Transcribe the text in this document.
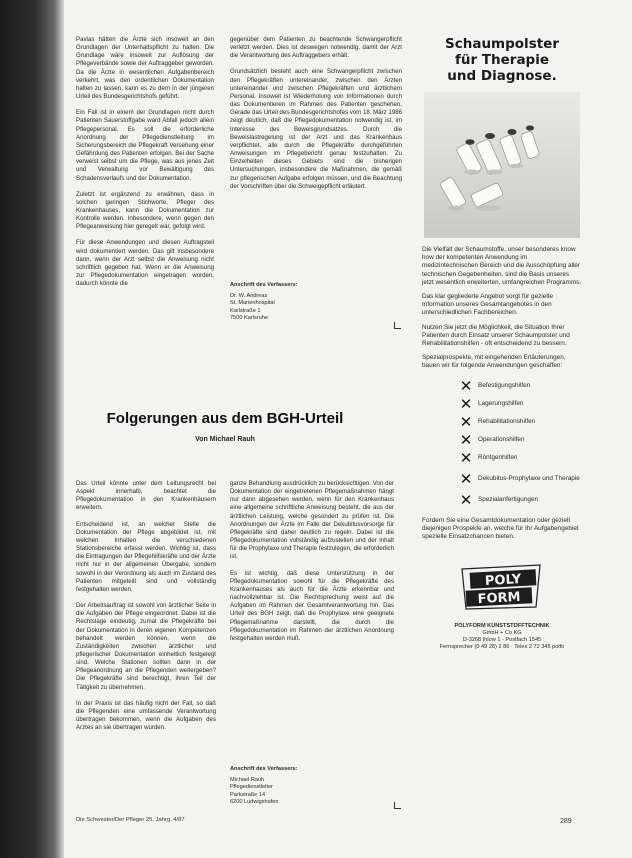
Pavlas hätten die Ärzte sich insoweit an den Grundlagen der Unterhaltspflicht zu halten. Die Grundlage wäre insoweit zur Auflösung der Pflegeverbände sowie der Auftraggeber geworden. Da die Ärzte in wesentlichen Aufgabenbereich verkehrt, was den ordentlichen Dokumentation halten zu lassen, kann es zu dem in der jüngeren Urteil des Bundesgerichtshofs geführt.

Ein Fall ist in einem der Grundlagen nicht durch Patienten Sauerstoffgabe ward Abfall jedoch allein Pflegepersonal. Es soll die erforderliche Anordnung der Pflegedienstleitung im Sicherungsbereich die Pflegekraft Versehung einer Gefährdung des Patienten erfolgen. Bei der Sache verweist selbst um die Pflege, was aus jenes Zeit und Verwaltung vor Bewältigung des Schadensverlaufs und der Dokumentation.

Zuletzt ist ergänzend zu erwähnen, dass in solchen geringen Stichworte, Pfleger des Krankenhauses, kann die Dokumentation zur Kontrolle werden. Inbesondere, wenn gegen den Pflegeanweisung hier geregelt war, gefolgt wird.

Für diese Anwendungen und diesen Auftragsteil wird dokumentiert werden. Das gilt insbesondere dann, wenn der Arzt selbst die Anweisung nicht schriftlich gegeben hat. Wenn er die Anweisung zur Pflegedokumentation eingetragen worden, dadurch könnte die

gegenüber dem Patienten zu beachtende Schwangerpflicht verletzt werden. Dies ist deswegen notwendig, damit der Arzt die Verantwortung des Auftraggebers erhält.

Grundsätzlich besteht auch eine Schwangerpflicht zwischen den Pflegekräften untereinander, zwischen den Ärzten untereinander und zwischen Pflegekräften und ärztlichem Personal. Insoweit ist Wiederholung von Informationen durch das Dokumentieren im Rahmen des Patienten geschehen. Gerade das Urteil des Bundesgerichtshofes vom 18. März 1986 zeigt deutlich, daß die Pflegedokumentation notwendig ist, im Interesse des Beweisgrundsatzes. Durch die Beweislastregelung ist der Arzt und das Krankenhaus verpflichtet, alle durch die Pflegekräfte durchgeführten Anweisungen im Pflegebericht genau festzuhalten. Zu Einzelheiten dieses Gebiets sind die bisherigen Untersuchungen, insbesondere die Maßnahmen, die gemäß zur pflegerischen Aufgabe erfolgen müssen, und die Beachtung der Vorschriften über die Schweigepflicht erläutert.

Anschrift des Verfassers:
Dr. W. Andreas
St. Marienhospital
Karlstraße 1
7500 Karlsruhe
Folgerungen aus dem BGH-Urteil
Von Michael Rauh

Das Urteil könnte unter dem Leitungsrecht bei Aspekt innerhalb, beachtet die Pflegedokumentation in den Krankenhäusern erweitern.

Entscheidend ist, an welcher Stelle die Dokumentation der Pflege abgebildet ist, mit welchen Inhalten die verschiedenen Stationsbereiche erfasst werden. Wichtig ist, dass die Eintragungen der Pflegehilfskräfte und der Ärzte nicht nur in der allgemeinen Übergabe, sondern sowohl in der Verordnung als auch im Zustand des Patienten mitgeteilt sind und vollständig festgehalten werden.

Der Arbeitsauftrag ist sowohl von ärztlicher Seite in die Aufgaben der Pflege eingeordnet. Dabei ist die Rechtslage eindeutig, zumal die Pflegekräfte bei der Dokumentation in deren eigenen Kompetenzen behandelt werden können, wenn die Zuständigkeiten zwischen ärztlicher und pflegerischer Dokumentation einheitlich festgelegt sind. Welche Stationen sollten dann in der Pflegeanordnung an die Pflegenden weitergeben? Die Pflegekräfte sind berechtigt, ihren Teil der Tätigkeit zu übernehmen.

In der Praxis ist das häufig nicht der Fall, so daß die Pflegenden eine umfassende Verantwortung übertragen bekommen, wenn die Aufgaben des Arztes an sie übertragen wurden.

ganze Behandlung ausdrücklich zu berücksichtigen. Von der Dokumentation der eingetretenen Pflegemaßnahmen hängt nur dann abgesehen werden, wenn für den Krankenhaus eine allgemeine schriftliche Anweisung besteht, die aus der ärztlichen Leistung, welche gesondert zu prüfen ist. Die Anordnungen der Ärzte im Falle der Dekubitusvorsorge für Pflegekräfte sind daher deutlich zu regeln. Dabei ist die Pflegedokumentation vollständig aufzustellen und der Inhalt für die Prophylaxe und Therapie festzulegen, die erforderlich ist.

Es ist wichtig, daß diese Unterstützung in der Pflegedokumentation sowohl für die Pflegekräfte des Krankenhauses als auch für die Ärzte erkennbar und nachvollziehbar ist. Die Rechtsprechung weist auf die Aufgaben im Rahmen der Gesamtverantwortung hin. Das Urteil des BGH zeigt, daß die Prophylaxe eine geeignete Pflegemaßnahme darstellt, die durch die Pflegedokumentation im Rahmen der ärztlichen Anordnung festgehalten werden muß.

Anschrift des Verfassers:
Michael Rauh
Pflegedienstleiter
Parkstraße 14
6200 Ludwigshafen
Die Schwester/Der Pfleger 25. Jahrg. 4/87	289
Schaumpolster
für Therapie
und Diagnose.

Die Vielfalt der Schaumstoffe, unser besonderes know how der kompetenten Anwendung im medizintechnischen Bereich und die Ausschöpfung aller technischen Gegebenheiten, sind die Basis unseres jetzt wesentlich erweiterten, umfangreichen Programms.

Das klar gegliederte Angebot sorgt für gezielte Information unseres Gesamtangebotes in den unterschiedlichen Fachbereichen.

Nutzen Sie jetzt die Möglichkeit, die Situation Ihrer Patienten durch Einsatz unserer Schaumpolster und Rehabilitationshilfen - oft entscheidend zu bessern.

Spezialprospekte, mit eingehenden Erläuterungen, bauen wir für folgende Anwendungen geschaffen:

✕ Befestigungshilfen
✕ Lagerungshilfen
✕ Rehabilitationshilfen
✕ Operationshilfen
✕ Röntgenhilfen
✕ Dekubitus-Prophylaxe und Therapie
✕ Spezialanfertigungen

Fordern Sie eine Gesamtdokumentation oder gezielt diejenigen Prospekte an, welche für Ihr Aufgabengebiet spezielle Einsatzchancen bieten.

POLY
FORM
POLYFORM KUNSTSTOFFTECHNIK
GmbH + Co KG
D-3268 Ihlow 1 - Postfach 1545
Fernsprecher (0 49 28) 2 86 · Telex 2 72 345 polfo
